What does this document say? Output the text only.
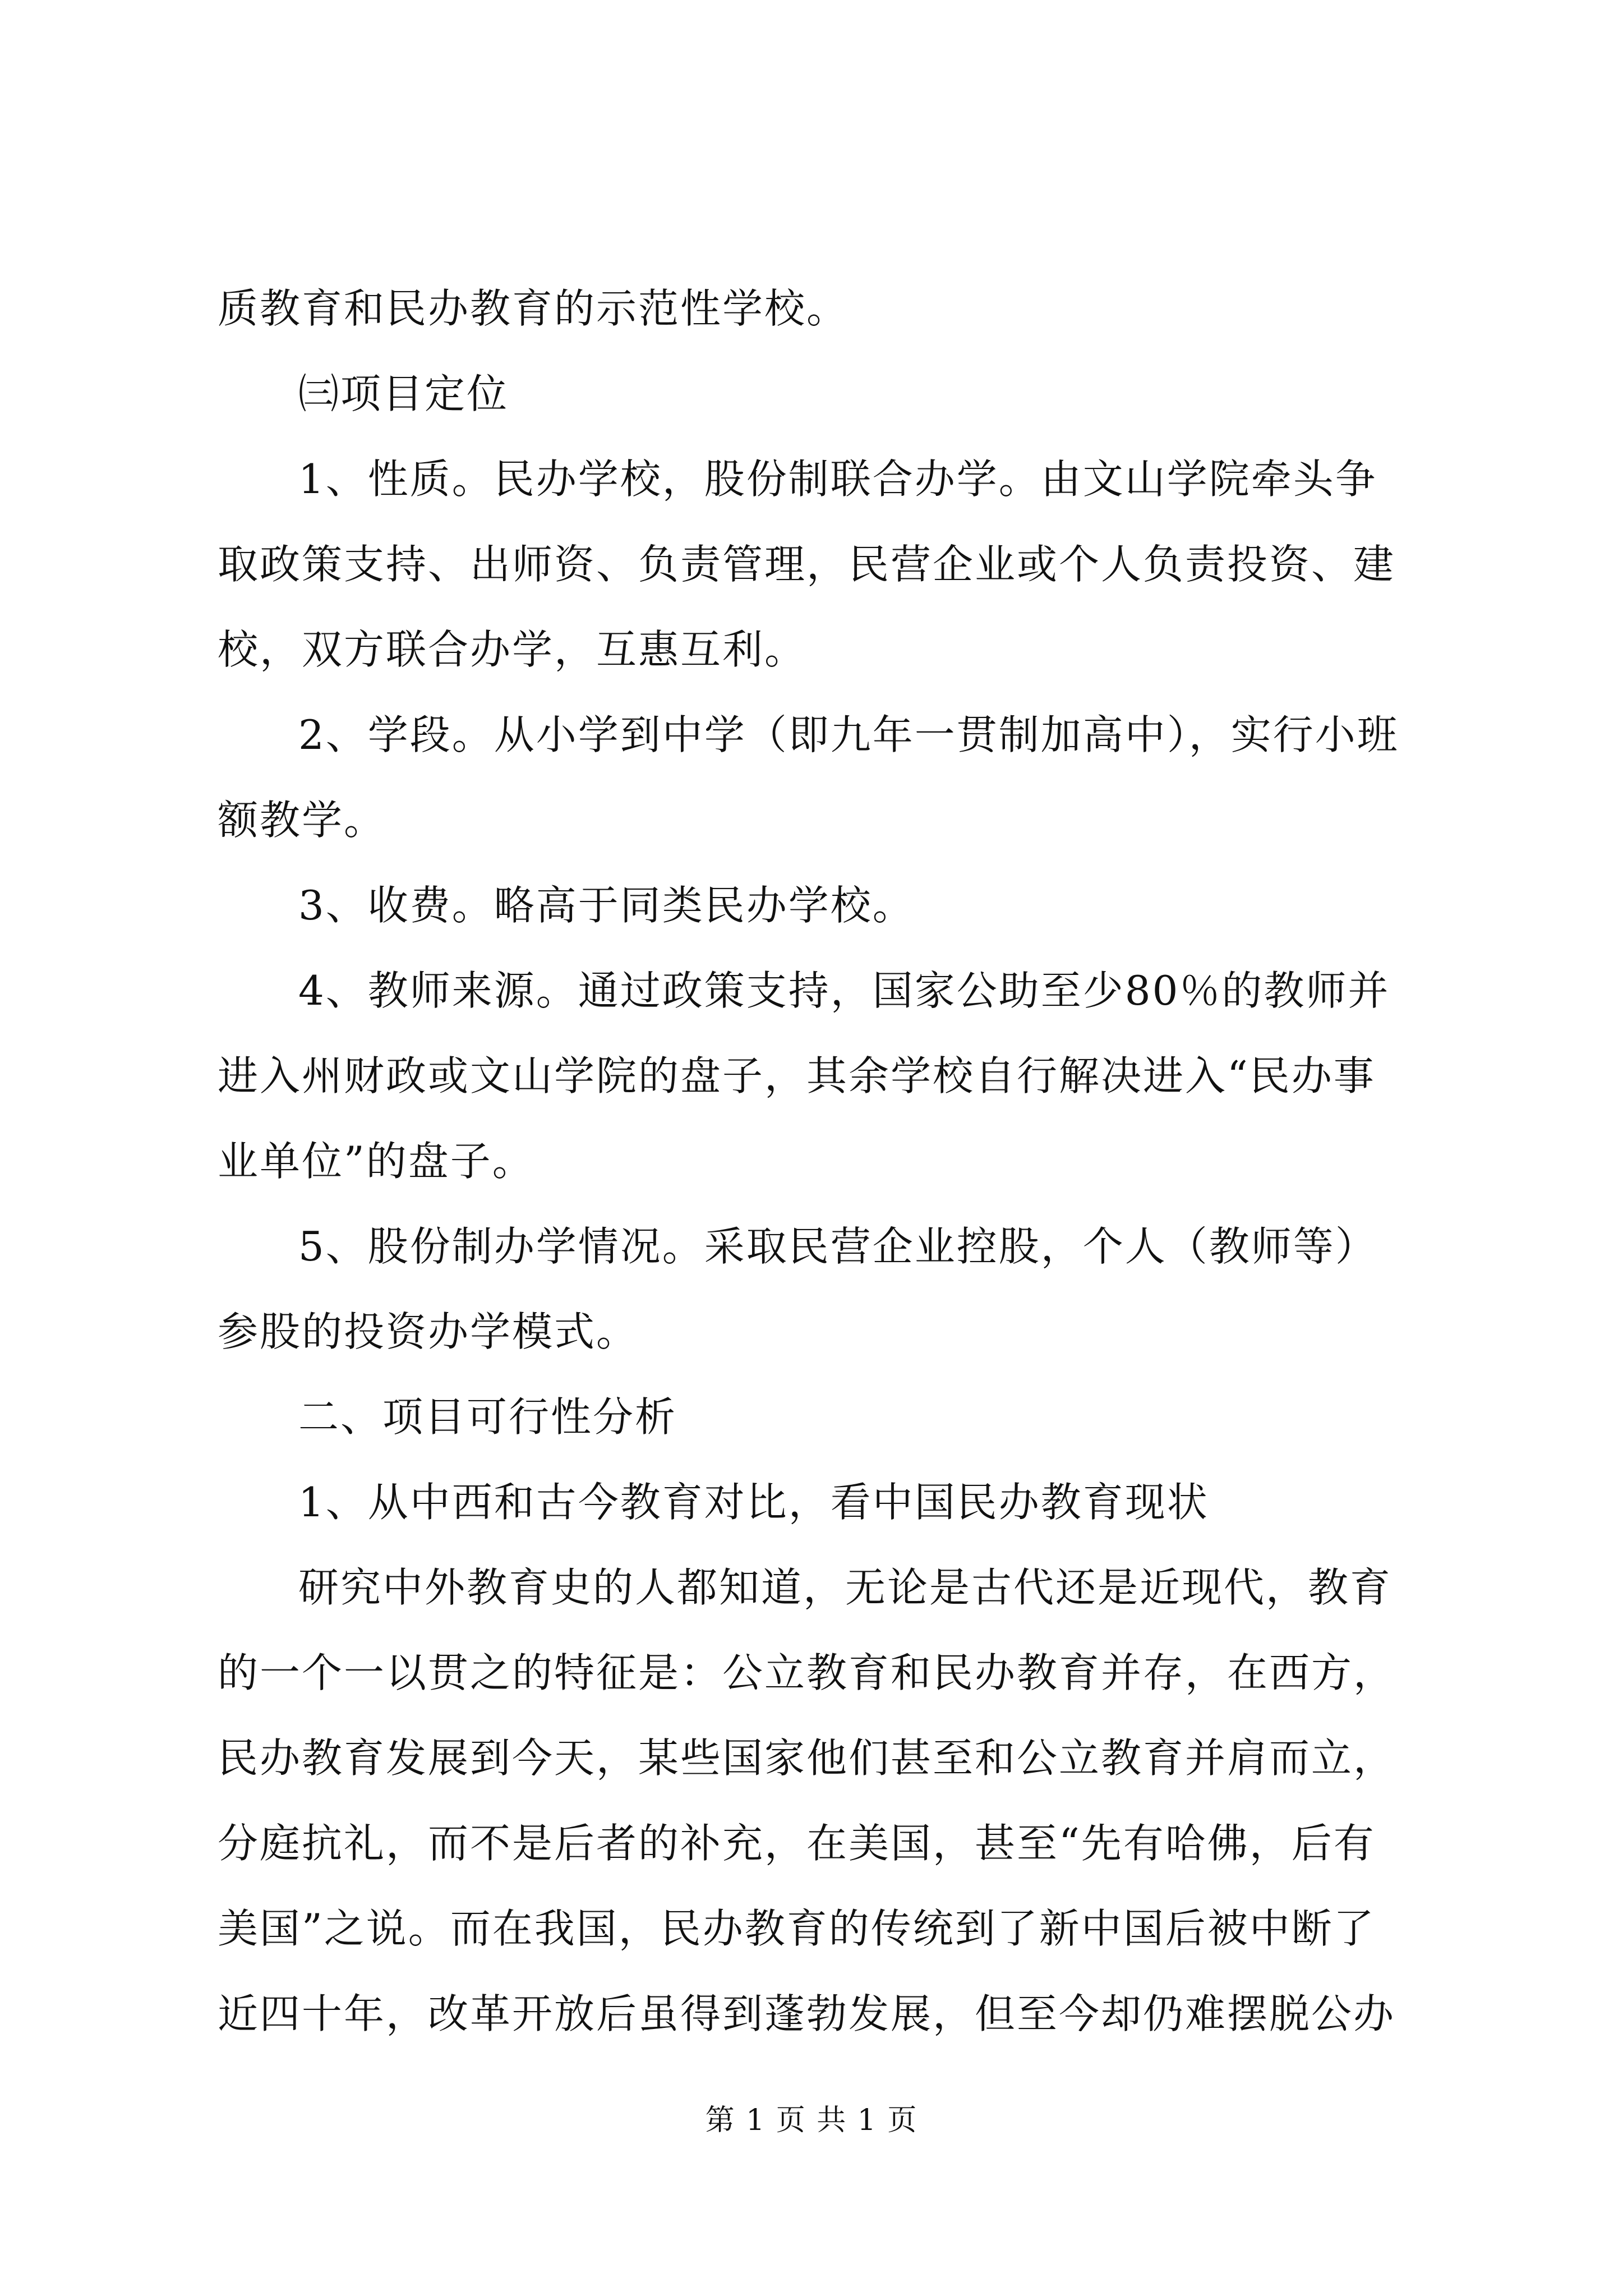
质教育和民办教育的示范性学校。
㈢项目定位
1、性质。民办学校，股份制联合办学。由文山学院牵头争
取政策支持、出师资、负责管理，民营企业或个人负责投资、建
校，双方联合办学，互惠互利。
2、学段。从小学到中学（即九年一贯制加高中），实行小班
额教学。
3、收费。略高于同类民办学校。
4、教师来源。通过政策支持，国家公助至少80％的教师并
进入州财政或文山学院的盘子，其余学校自行解决进入“民办事
业单位”的盘子。
5、股份制办学情况。采取民营企业控股，个人（教师等）
参股的投资办学模式。
二、项目可行性分析
1、从中西和古今教育对比，看中国民办教育现状
研究中外教育史的人都知道，无论是古代还是近现代，教育
的一个一以贯之的特征是：公立教育和民办教育并存，在西方，
民办教育发展到今天，某些国家他们甚至和公立教育并肩而立，
分庭抗礼，而不是后者的补充，在美国，甚至“先有哈佛，后有
美国”之说。而在我国，民办教育的传统到了新中国后被中断了
近四十年，改革开放后虽得到蓬勃发展，但至今却仍难摆脱公办
第 1 页 共 1 页
